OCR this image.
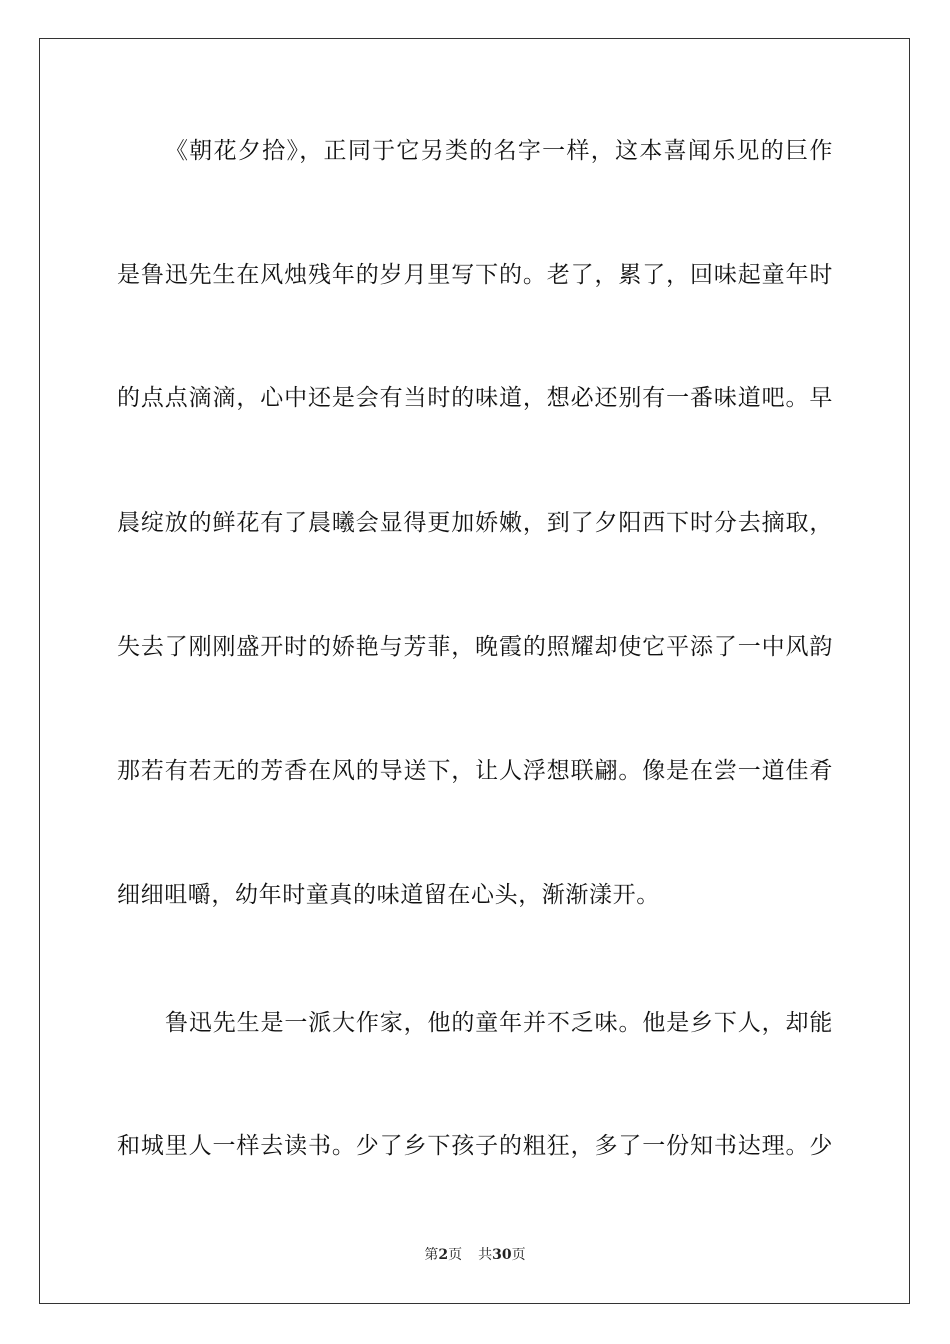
《朝花夕拾》，正同于它另类的名字一样，这本喜闻乐见的巨作
是鲁迅先生在风烛残年的岁月里写下的。老了，累了，回味起童年时
的点点滴滴，心中还是会有当时的味道，想必还别有一番味道吧。早
晨绽放的鲜花有了晨曦会显得更加娇嫩，到了夕阳西下时分去摘取，
失去了刚刚盛开时的娇艳与芳菲，晚霞的照耀却使它平添了一中风韵
那若有若无的芳香在风的导送下，让人浮想联翩。像是在尝一道佳肴
细细咀嚼，幼年时童真的味道留在心头，渐渐漾开。
鲁迅先生是一派大作家，他的童年并不乏味。他是乡下人，却能
和城里人一样去读书。少了乡下孩子的粗狂，多了一份知书达理。少
第2页 共30页
